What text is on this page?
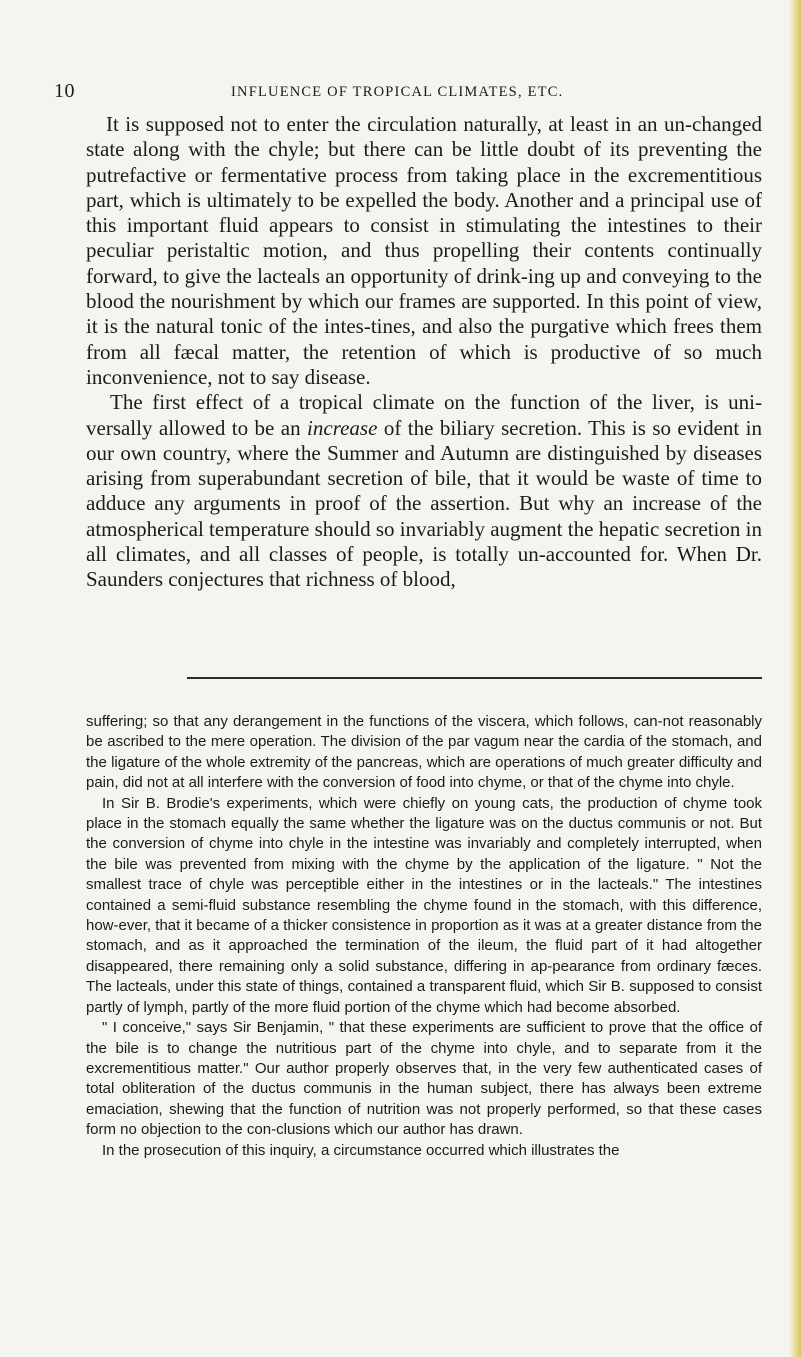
10	INFLUENCE OF TROPICAL CLIMATES, ETC.

It is supposed not to enter the circulation naturally, at least in an un-changed state along with the chyle; but there can be little doubt of its preventing the putrefactive or fermentative process from taking place in the excrementitious part, which is ultimately to be expelled the body. Another and a principal use of this important fluid appears to consist in stimulating the intestines to their peculiar peristaltic motion, and thus propelling their contents continually forward, to give the lacteals an opportunity of drink-ing up and conveying to the blood the nourishment by which our frames are supported. In this point of view, it is the natural tonic of the intes-tines, and also the purgative which frees them from all fæcal matter, the retention of which is productive of so much inconvenience, not to say disease.

The first effect of a tropical climate on the function of the liver, is uni-versally allowed to be an increase of the biliary secretion. This is so evident in our own country, where the Summer and Autumn are distinguished by diseases arising from superabundant secretion of bile, that it would be waste of time to adduce any arguments in proof of the assertion. But why an increase of the atmospherical temperature should so invariably augment the hepatic secretion in all climates, and all classes of people, is totally un-accounted for. When Dr. Saunders conjectures that richness of blood,

suffering; so that any derangement in the functions of the viscera, which follows, can-not reasonably be ascribed to the mere operation. The division of the par vagum near the cardia of the stomach, and the ligature of the whole extremity of the pancreas, which are operations of much greater difficulty and pain, did not at all interfere with the conversion of food into chyme, or that of the chyme into chyle.

In Sir B. Brodie's experiments, which were chiefly on young cats, the production of chyme took place in the stomach equally the same whether the ligature was on the ductus communis or not. But the conversion of chyme into chyle in the intestine was invariably and completely interrupted, when the bile was prevented from mixing with the chyme by the application of the ligature. " Not the smallest trace of chyle was perceptible either in the intestines or in the lacteals." The intestines contained a semi-fluid substance resembling the chyme found in the stomach, with this difference, how-ever, that it became of a thicker consistence in proportion as it was at a greater distance from the stomach, and as it approached the termination of the ileum, the fluid part of it had altogether disappeared, there remaining only a solid substance, differing in ap-pearance from ordinary fæces. The lacteals, under this state of things, contained a transparent fluid, which Sir B. supposed to consist partly of lymph, partly of the more fluid portion of the chyme which had become absorbed.

" I conceive," says Sir Benjamin, " that these experiments are sufficient to prove that the office of the bile is to change the nutritious part of the chyme into chyle, and to separate from it the excrementitious matter." Our author properly observes that, in the very few authenticated cases of total obliteration of the ductus communis in the human subject, there has always been extreme emaciation, shewing that the function of nutrition was not properly performed, so that these cases form no objection to the con-clusions which our author has drawn.

In the prosecution of this inquiry, a circumstance occurred which illustrates the
